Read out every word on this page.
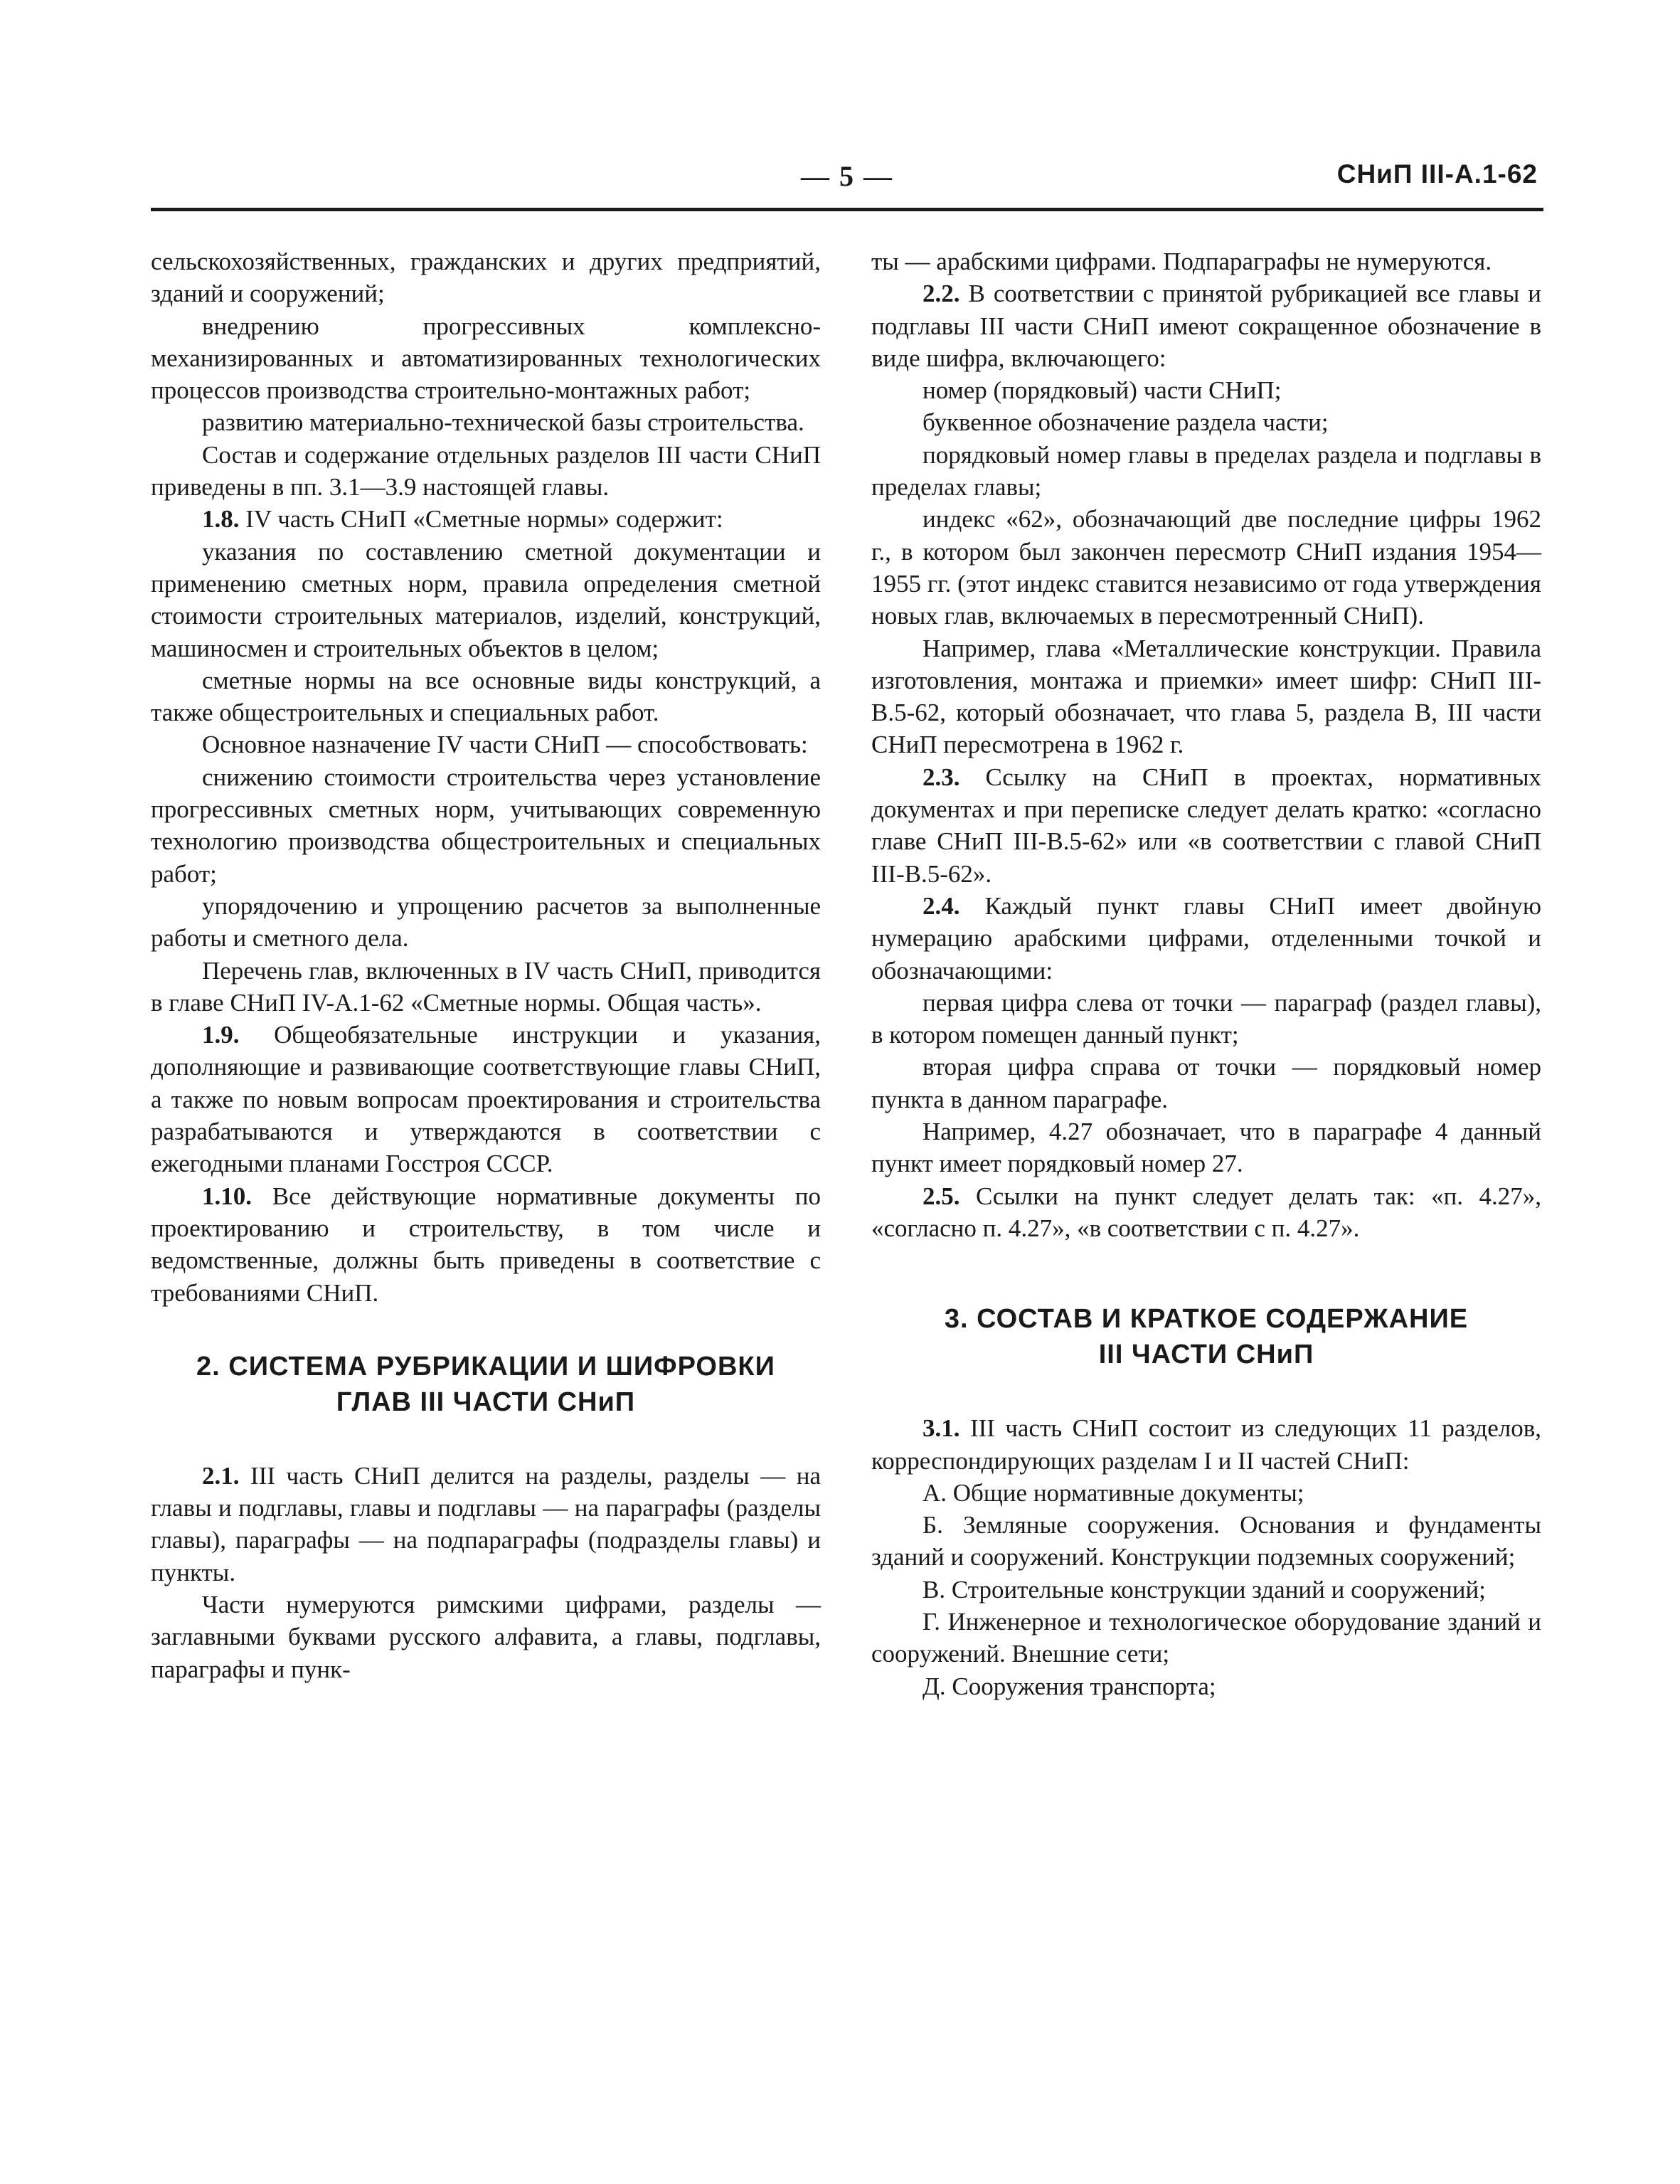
— 5 —	СНиП III-А.1-62

сельскохозяйственных, гражданских и других предприятий, зданий и сооружений;

внедрению прогрессивных комплексно-механизированных и автоматизированных технологических процессов производства строительно-монтажных работ;

развитию материально-технической базы строительства.

Состав и содержание отдельных разделов III части СНиП приведены в пп. 3.1—3.9 настоящей главы.

1.8. IV часть СНиП «Сметные нормы» содержит:

указания по составлению сметной документации и применению сметных норм, правила определения сметной стоимости строительных материалов, изделий, конструкций, машиносмен и строительных объектов в целом;

сметные нормы на все основные виды конструкций, а также общестроительных и специальных работ.

Основное назначение IV части СНиП — способствовать:

снижению стоимости строительства через установление прогрессивных сметных норм, учитывающих современную технологию производства общестроительных и специальных работ;

упорядочению и упрощению расчетов за выполненные работы и сметного дела.

Перечень глав, включенных в IV часть СНиП, приводится в главе СНиП IV-А.1-62 «Сметные нормы. Общая часть».

1.9. Общеобязательные инструкции и указания, дополняющие и развивающие соответствующие главы СНиП, а также по новым вопросам проектирования и строительства разрабатываются и утверждаются в соответствии с ежегодными планами Госстроя СССР.

1.10. Все действующие нормативные документы по проектированию и строительству, в том числе и ведомственные, должны быть приведены в соответствие с требованиями СНиП.

2. СИСТЕМА РУБРИКАЦИИ И ШИФРОВКИ
ГЛАВ III ЧАСТИ СНиП

2.1. III часть СНиП делится на разделы, разделы — на главы и подглавы, главы и подглавы — на параграфы (разделы главы), параграфы — на подпараграфы (подразделы главы) и пункты.

Части нумеруются римскими цифрами, разделы — заглавными буквами русского алфавита, а главы, подглавы, параграфы и пунк-

ты — арабскими цифрами. Подпараграфы не нумеруются.

2.2. В соответствии с принятой рубрикацией все главы и подглавы III части СНиП имеют сокращенное обозначение в виде шифра, включающего:

номер (порядковый) части СНиП;

буквенное обозначение раздела части;

порядковый номер главы в пределах раздела и подглавы в пределах главы;

индекс «62», обозначающий две последние цифры 1962 г., в котором был закончен пересмотр СНиП издания 1954—1955 гг. (этот индекс ставится независимо от года утверждения новых глав, включаемых в пересмотренный СНиП).

Например, глава «Металлические конструкции. Правила изготовления, монтажа и приемки» имеет шифр: СНиП III-В.5-62, который обозначает, что глава 5, раздела В, III части СНиП пересмотрена в 1962 г.

2.3. Ссылку на СНиП в проектах, нормативных документах и при переписке следует делать кратко: «согласно главе СНиП III-В.5-62» или «в соответствии с главой СНиП III-В.5-62».

2.4. Каждый пункт главы СНиП имеет двойную нумерацию арабскими цифрами, отделенными точкой и обозначающими:

первая цифра слева от точки — параграф (раздел главы), в котором помещен данный пункт;

вторая цифра справа от точки — порядковый номер пункта в данном параграфе.

Например, 4.27 обозначает, что в параграфе 4 данный пункт имеет порядковый номер 27.

2.5. Ссылки на пункт следует делать так: «п. 4.27», «согласно п. 4.27», «в соответствии с п. 4.27».

3. СОСТАВ И КРАТКОЕ СОДЕРЖАНИЕ
III ЧАСТИ СНиП

3.1. III часть СНиП состоит из следующих 11 разделов, корреспондирующих разделам I и II частей СНиП:

А. Общие нормативные документы;

Б. Земляные сооружения. Основания и фундаменты зданий и сооружений. Конструкции подземных сооружений;

В. Строительные конструкции зданий и сооружений;

Г. Инженерное и технологическое оборудование зданий и сооружений. Внешние сети;

Д. Сооружения транспорта;
